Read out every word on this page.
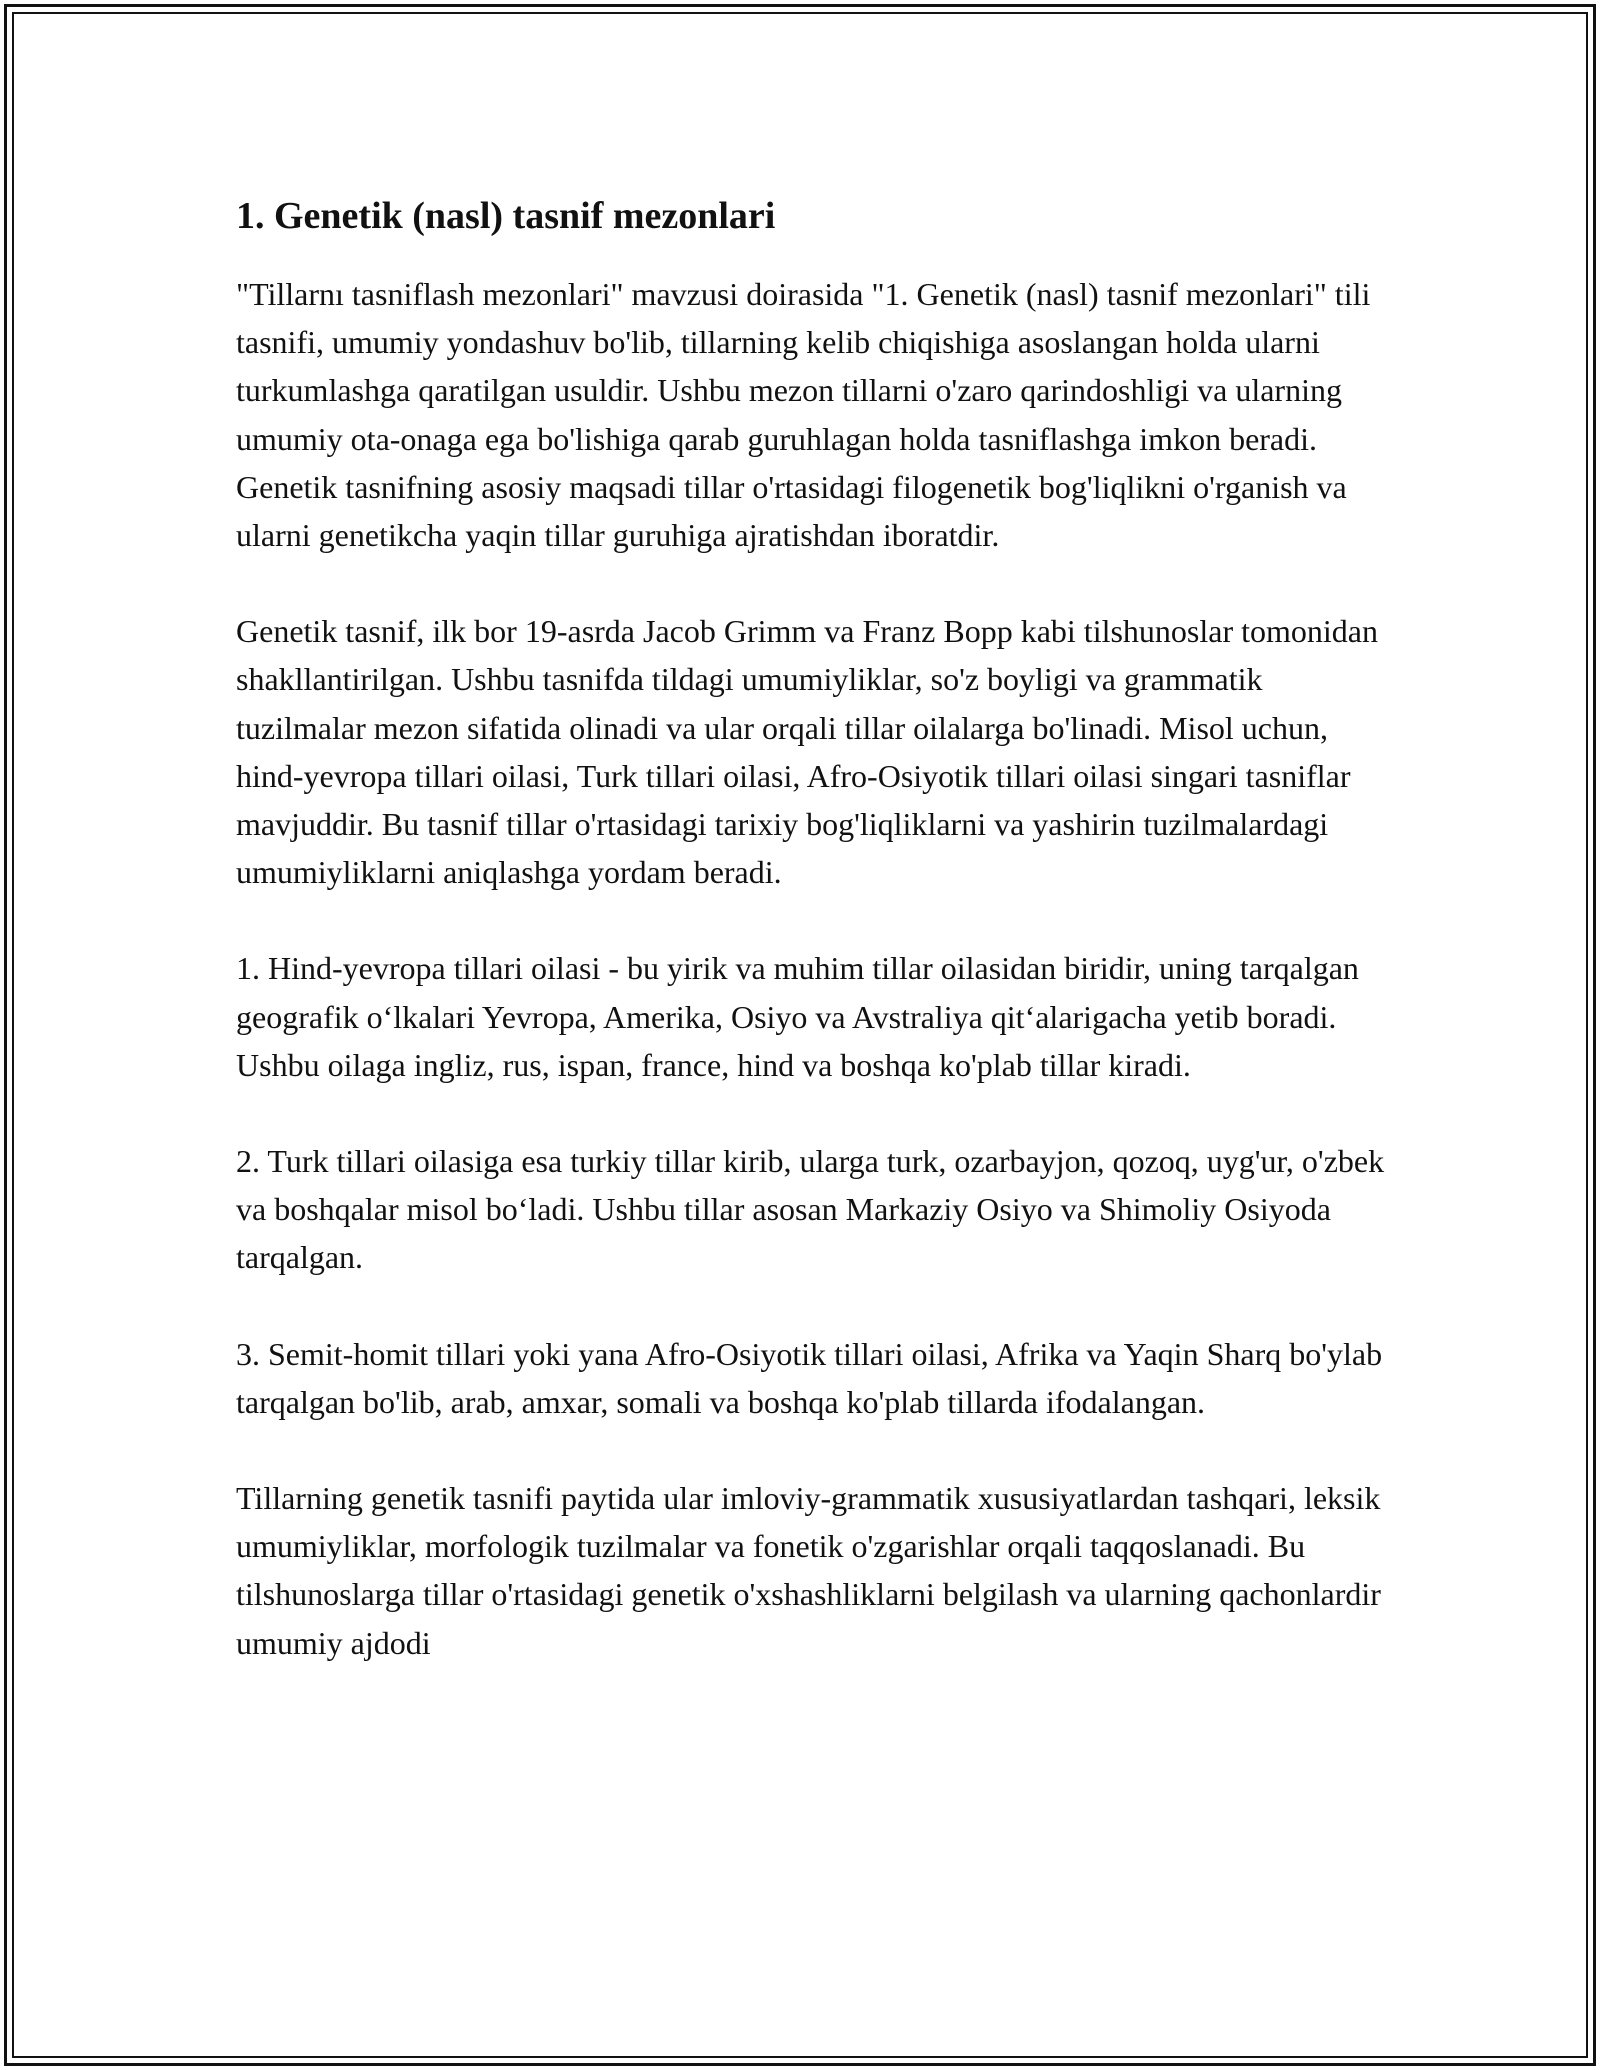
1. Genetik (nasl) tasnif mezonlari

"Tillarnı tasniflash mezonlari" mavzusi doirasida "1. Genetik (nasl) tasnif mezonlari" tili tasnifi, umumiy yondashuv bo'lib, tillarning kelib chiqishiga asoslangan holda ularni turkumlashga qaratilgan usuldir. Ushbu mezon tillarni o'zaro qarindoshligi va ularning umumiy ota-onaga ega bo'lishiga qarab guruhlagan holda tasniflashga imkon beradi. Genetik tasnifning asosiy maqsadi tillar o'rtasidagi filogenetik bog'liqlikni o'rganish va ularni genetikcha yaqin tillar guruhiga ajratishdan iboratdir.

Genetik tasnif, ilk bor 19-asrda Jacob Grimm va Franz Bopp kabi tilshunoslar tomonidan shakllantirilgan. Ushbu tasnifda tildagi umumiyliklar, so'z boyligi va grammatik tuzilmalar mezon sifatida olinadi va ular orqali tillar oilalarga bo'linadi. Misol uchun, hind-yevropa tillari oilasi, Turk tillari oilasi, Afro-Osiyotik tillari oilasi singari tasniflar mavjuddir. Bu tasnif tillar o'rtasidagi tarixiy bog'liqliklarni va yashirin tuzilmalardagi umumiyliklarni aniqlashga yordam beradi.

1. Hind-yevropa tillari oilasi - bu yirik va muhim tillar oilasidan biridir, uning tarqalgan geografik o‘lkalari Yevropa, Amerika, Osiyo va Avstraliya qit‘alarigacha yetib boradi. Ushbu oilaga ingliz, rus, ispan, france, hind va boshqa ko'plab tillar kiradi.

2. Turk tillari oilasiga esa turkiy tillar kirib, ularga turk, ozarbayjon, qozoq, uyg'ur, o'zbek va boshqalar misol bo‘ladi. Ushbu tillar asosan Markaziy Osiyo va Shimoliy Osiyoda tarqalgan.

3. Semit-homit tillari yoki yana Afro-Osiyotik tillari oilasi, Afrika va Yaqin Sharq bo'ylab tarqalgan bo'lib, arab, amxar, somali va boshqa ko'plab tillarda ifodalangan.

Tillarning genetik tasnifi paytida ular imloviy-grammatik xususiyatlardan tashqari, leksik umumiyliklar, morfologik tuzilmalar va fonetik o'zgarishlar orqali taqqoslanadi. Bu tilshunoslarga tillar o'rtasidagi genetik o'xshashliklarni belgilash va ularning qachonlardir umumiy ajdodi
